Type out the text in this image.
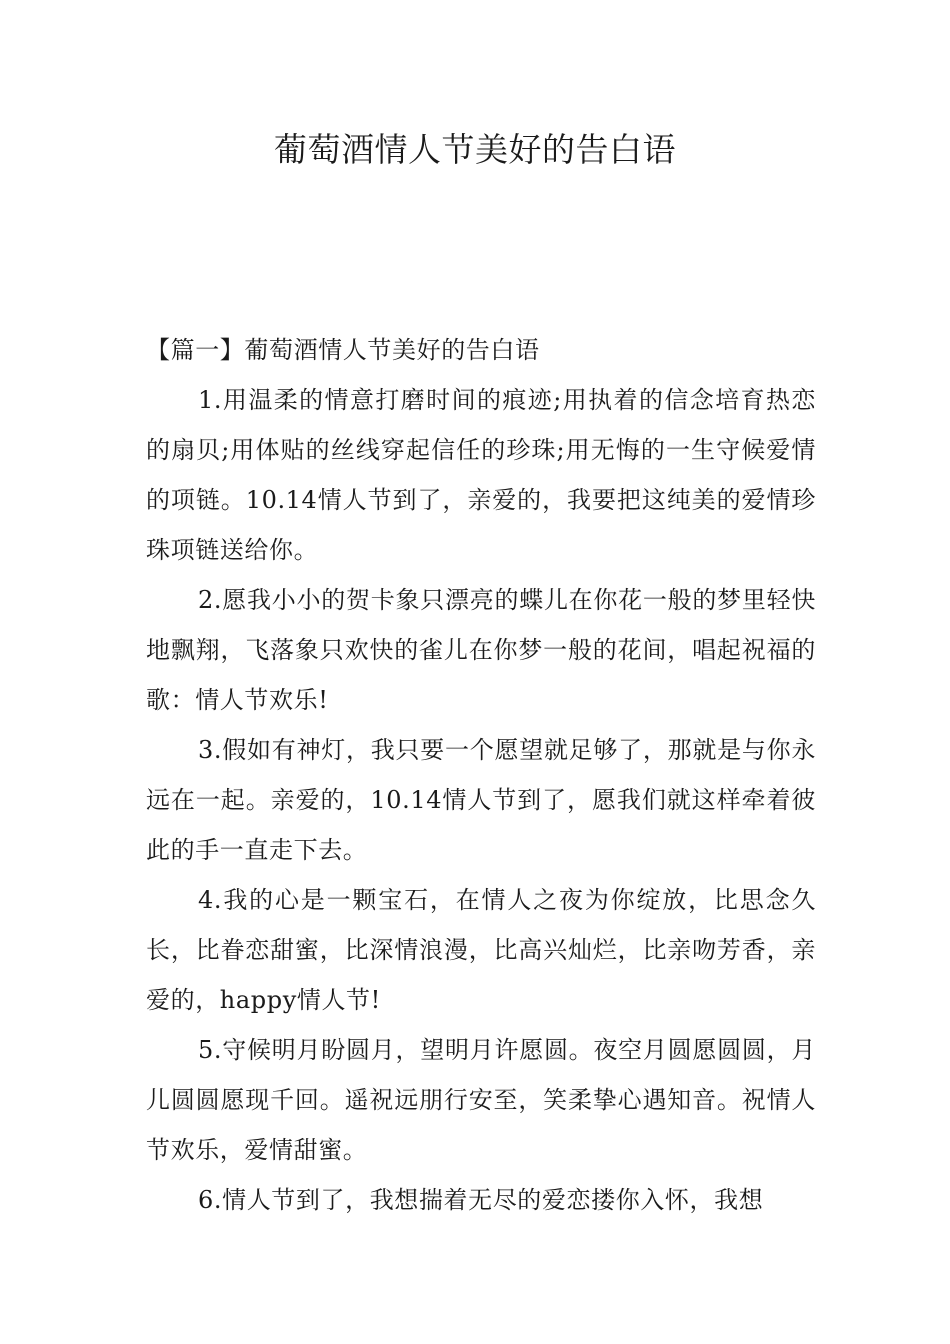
葡萄酒情人节美好的告白语

【篇一】葡萄酒情人节美好的告白语

1.用温柔的情意打磨时间的痕迹;用执着的信念培育热恋的扇贝;用体贴的丝线穿起信任的珍珠;用无悔的一生守候爱情的项链。10.14情人节到了，亲爱的，我要把这纯美的爱情珍珠项链送给你。

2.愿我小小的贺卡象只漂亮的蝶儿在你花一般的梦里轻快地飘翔，飞落象只欢快的雀儿在你梦一般的花间，唱起祝福的歌：情人节欢乐!

3.假如有神灯，我只要一个愿望就足够了，那就是与你永远在一起。亲爱的，10.14情人节到了，愿我们就这样牵着彼此的手一直走下去。

4.我的心是一颗宝石，在情人之夜为你绽放，比思念久长，比眷恋甜蜜，比深情浪漫，比高兴灿烂，比亲吻芳香，亲爱的，happy情人节!

5.守候明月盼圆月，望明月许愿圆。夜空月圆愿圆圆，月儿圆圆愿现千回。遥祝远朋行安至，笑柔挚心遇知音。祝情人节欢乐，爱情甜蜜。

6.情人节到了，我想揣着无尽的爱恋搂你入怀，我想
